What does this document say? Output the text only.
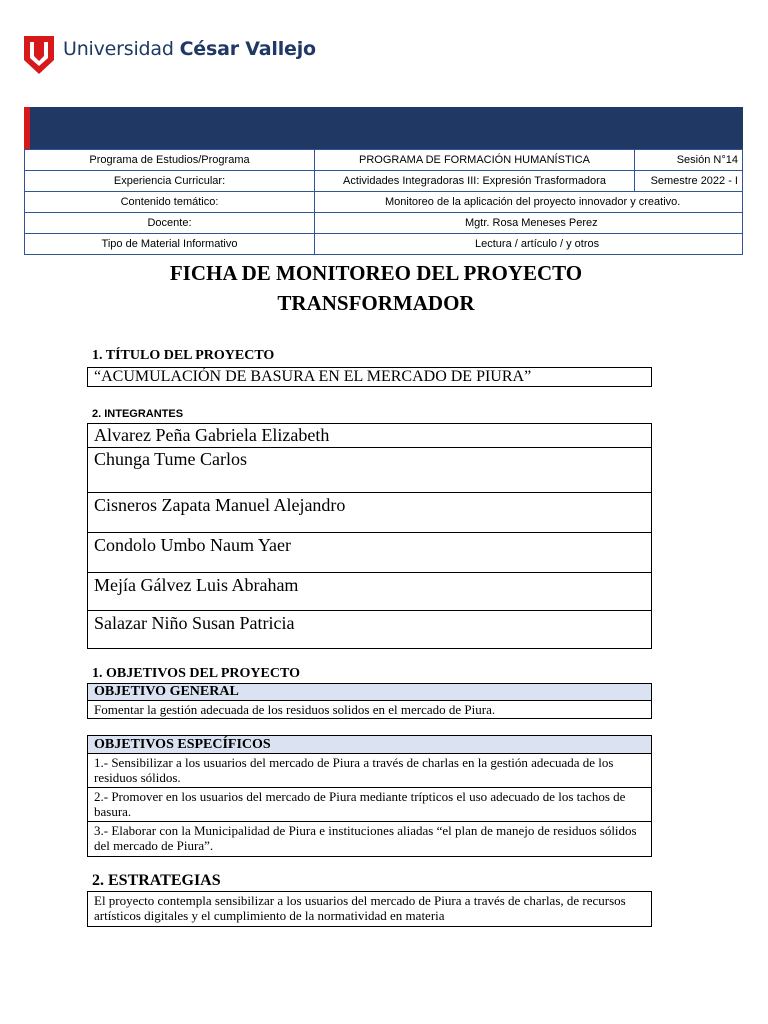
Universidad César Vallejo
Programa de Estudios/Programa	PROGRAMA DE FORMACIÓN HUMANÍSTICA	Sesión N°14
Experiencia Curricular:	Actividades Integradoras III: Expresión Trasformadora	Semestre 2022 - I
Contenido temático:	Monitoreo de la aplicación del proyecto innovador y creativo.	
Docente:	Mgtr. Rosa Meneses Perez	
Tipo de Material Informativo	Lectura / artículo / y otros	
FICHA DE MONITOREO DEL PROYECTO
TRANSFORMADOR
1. TÍTULO DEL PROYECTO
“ACUMULACIÓN DE BASURA EN EL MERCADO DE PIURA”
2. INTEGRANTES
Alvarez Peña Gabriela Elizabeth
Chunga Tume Carlos
Cisneros Zapata Manuel Alejandro
Condolo Umbo Naum Yaer
Mejía Gálvez Luis Abraham
Salazar Niño Susan Patricia
1. OBJETIVOS DEL PROYECTO
OBJETIVO GENERAL
Fomentar la gestión adecuada de los residuos solidos en el mercado de Piura.
OBJETIVOS ESPECÍFICOS
1.- Sensibilizar a los usuarios del mercado de Piura a través de charlas en la gestión adecuada de los residuos sólidos.
2.- Promover en los usuarios del mercado de Piura mediante trípticos el uso adecuado de los tachos de basura.
3.- Elaborar con la Municipalidad de Piura e instituciones aliadas “el plan de manejo de residuos sólidos del mercado de Piura”.
2. ESTRATEGIAS
El proyecto contempla sensibilizar a los usuarios del mercado de Piura a través de charlas, de recursos artísticos digitales y el cumplimiento de la normatividad en materia
